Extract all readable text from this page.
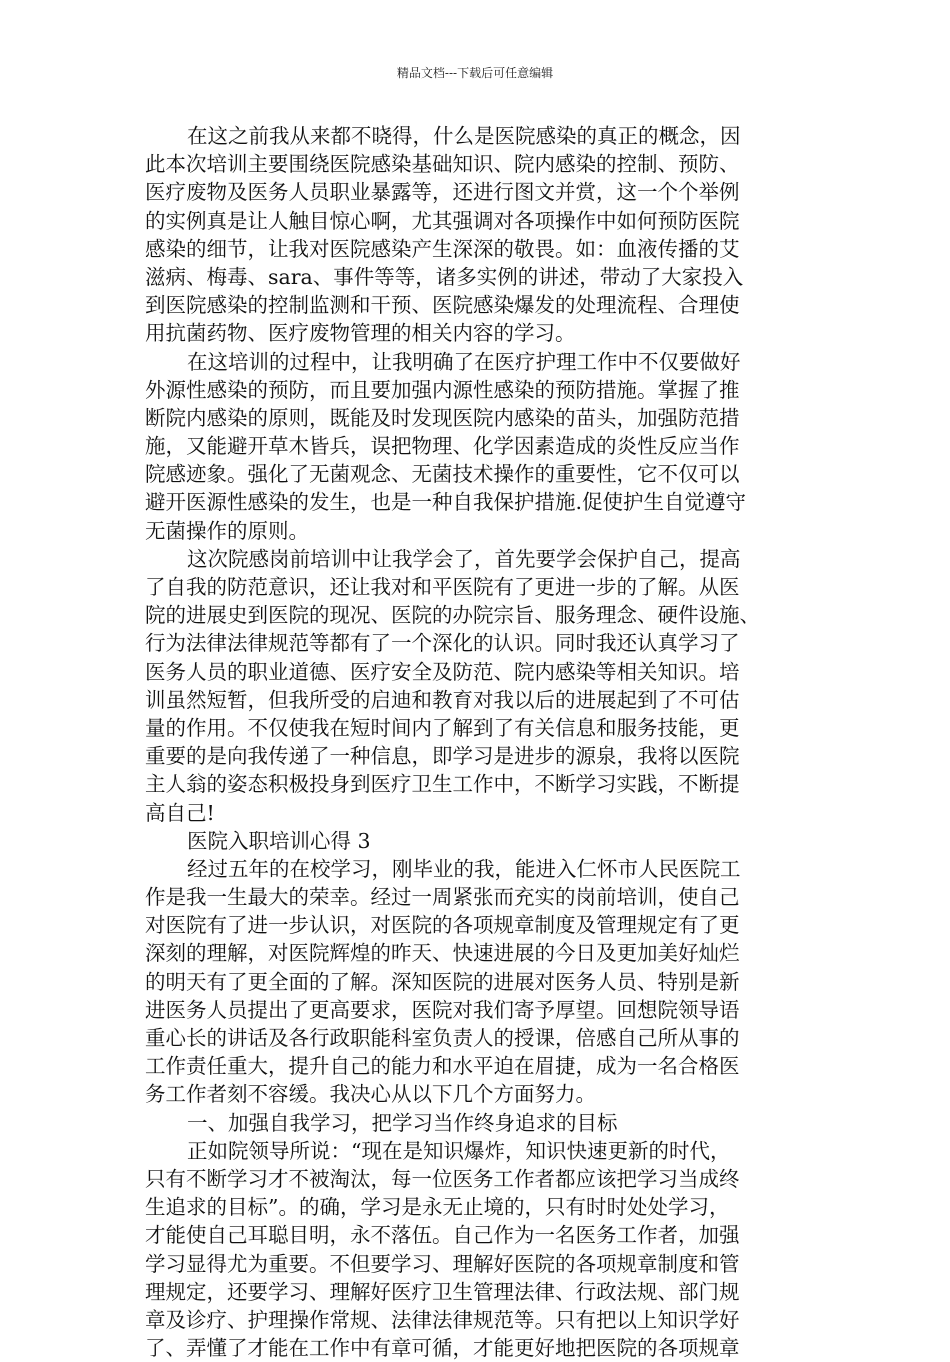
精品文档---下载后可任意编辑
在这之前我从来都不晓得，什么是医院感染的真正的概念，因
此本次培训主要围绕医院感染基础知识、院内感染的控制、预防、
医疗废物及医务人员职业暴露等，还进行图文并赏，这一个个举例
的实例真是让人触目惊心啊，尤其强调对各项操作中如何预防医院
感染的细节，让我对医院感染产生深深的敬畏。如：血液传播的艾
滋病、梅毒、sara、事件等等，诸多实例的讲述，带动了大家投入
到医院感染的控制监测和干预、医院感染爆发的处理流程、合理使
用抗菌药物、医疗废物管理的相关内容的学习。
在这培训的过程中，让我明确了在医疗护理工作中不仅要做好
外源性感染的预防，而且要加强内源性感染的预防措施。掌握了推
断院内感染的原则，既能及时发现医院内感染的苗头，加强防范措
施，又能避开草木皆兵，误把物理、化学因素造成的炎性反应当作
院感迹象。强化了无菌观念、无菌技术操作的重要性，它不仅可以
避开医源性感染的发生，也是一种自我保护措施.促使护生自觉遵守
无菌操作的原则。
这次院感岗前培训中让我学会了，首先要学会保护自己，提高
了自我的防范意识，还让我对和平医院有了更进一步的了解。从医
院的进展史到医院的现况、医院的办院宗旨、服务理念、硬件设施、
行为法律法律规范等都有了一个深化的认识。同时我还认真学习了
医务人员的职业道德、医疗安全及防范、院内感染等相关知识。培
训虽然短暂，但我所受的启迪和教育对我以后的进展起到了不可估
量的作用。不仅使我在短时间内了解到了有关信息和服务技能，更
重要的是向我传递了一种信息，即学习是进步的源泉，我将以医院
主人翁的姿态积极投身到医疗卫生工作中，不断学习实践，不断提
高自己!
医院入职培训心得 3
经过五年的在校学习，刚毕业的我，能进入仁怀市人民医院工
作是我一生最大的荣幸。经过一周紧张而充实的岗前培训，使自己
对医院有了进一步认识，对医院的各项规章制度及管理规定有了更
深刻的理解，对医院辉煌的昨天、快速进展的今日及更加美好灿烂
的明天有了更全面的了解。深知医院的进展对医务人员、特别是新
进医务人员提出了更高要求，医院对我们寄予厚望。回想院领导语
重心长的讲话及各行政职能科室负责人的授课，倍感自己所从事的
工作责任重大，提升自己的能力和水平迫在眉捷，成为一名合格医
务工作者刻不容缓。我决心从以下几个方面努力。
一、加强自我学习，把学习当作终身追求的目标
正如院领导所说：“现在是知识爆炸，知识快速更新的时代，
只有不断学习才不被淘汰，每一位医务工作者都应该把学习当成终
生追求的目标”。的确，学习是永无止境的，只有时时处处学习，
才能使自己耳聪目明，永不落伍。自己作为一名医务工作者，加强
学习显得尤为重要。不但要学习、理解好医院的各项规章制度和管
理规定，还要学习、理解好医疗卫生管理法律、行政法规、部门规
章及诊疗、护理操作常规、法律法律规范等。只有把以上知识学好
了、弄懂了才能在工作中有章可循，才能更好地把医院的各项规章
